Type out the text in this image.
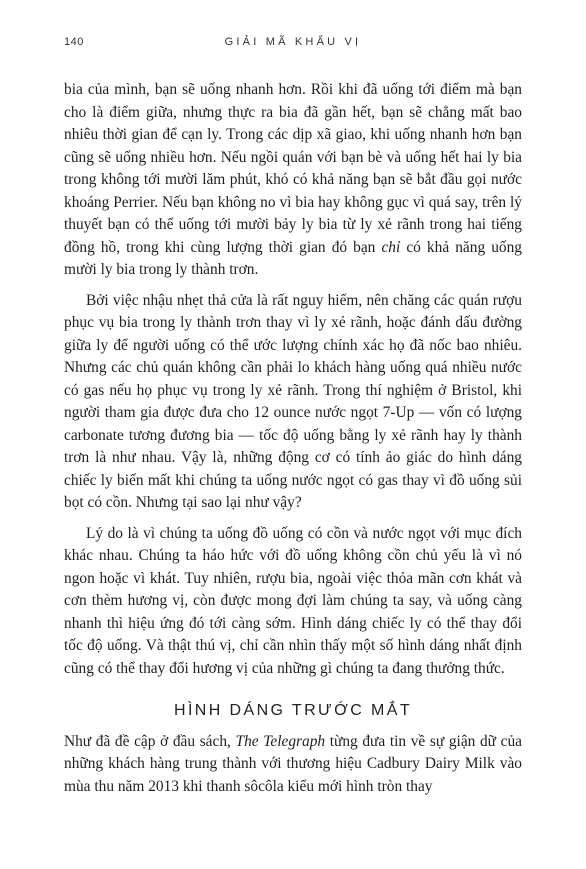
140	GIẢI MÃ KHẨU VỊ

bia của mình, bạn sẽ uống nhanh hơn. Rồi khi đã uống tới điểm mà bạn cho là điểm giữa, nhưng thực ra bia đã gần hết, bạn sẽ chẳng mất bao nhiêu thời gian để cạn ly. Trong các dịp xã giao, khi uống nhanh hơn bạn cũng sẽ uống nhiều hơn. Nếu ngồi quán với bạn bè và uống hết hai ly bia trong không tới mười lăm phút, khó có khả năng bạn sẽ bắt đầu gọi nước khoáng Perrier. Nếu bạn không no vì bia hay không gục vì quá say, trên lý thuyết bạn có thể uống tới mười bảy ly bia từ ly xẻ rãnh trong hai tiếng đồng hồ, trong khi cùng lượng thời gian đó bạn chỉ có khả năng uống mười ly bia trong ly thành trơn.

Bởi việc nhậu nhẹt thả cửa là rất nguy hiểm, nên chăng các quán rượu phục vụ bia trong ly thành trơn thay vì ly xẻ rãnh, hoặc đánh dấu đường giữa ly để người uống có thể ước lượng chính xác họ đã nốc bao nhiêu. Nhưng các chủ quán không cần phải lo khách hàng uống quá nhiều nước có gas nếu họ phục vụ trong ly xẻ rãnh. Trong thí nghiệm ở Bristol, khi người tham gia được đưa cho 12 ounce nước ngọt 7-Up — vốn có lượng carbonate tương đương bia — tốc độ uống bằng ly xẻ rãnh hay ly thành trơn là như nhau. Vậy là, những động cơ có tính ảo giác do hình dáng chiếc ly biến mất khi chúng ta uống nước ngọt có gas thay vì đồ uống sủi bọt có cồn. Nhưng tại sao lại như vậy?

Lý do là vì chúng ta uống đồ uống có cồn và nước ngọt với mục đích khác nhau. Chúng ta háo hức với đồ uống không cồn chủ yếu là vì nó ngon hoặc vì khát. Tuy nhiên, rượu bia, ngoài việc thỏa mãn cơn khát và cơn thèm hương vị, còn được mong đợi làm chúng ta say, và uống càng nhanh thì hiệu ứng đó tới càng sớm. Hình dáng chiếc ly có thể thay đổi tốc độ uống. Và thật thú vị, chỉ cần nhìn thấy một số hình dáng nhất định cũng có thể thay đổi hương vị của những gì chúng ta đang thưởng thức.

HÌNH DÁNG TRƯỚC MẮT

Như đã đề cập ở đầu sách, The Telegraph từng đưa tin về sự giận dữ của những khách hàng trung thành với thương hiệu Cadbury Dairy Milk vào mùa thu năm 2013 khi thanh sôcôla kiểu mới hình tròn thay
